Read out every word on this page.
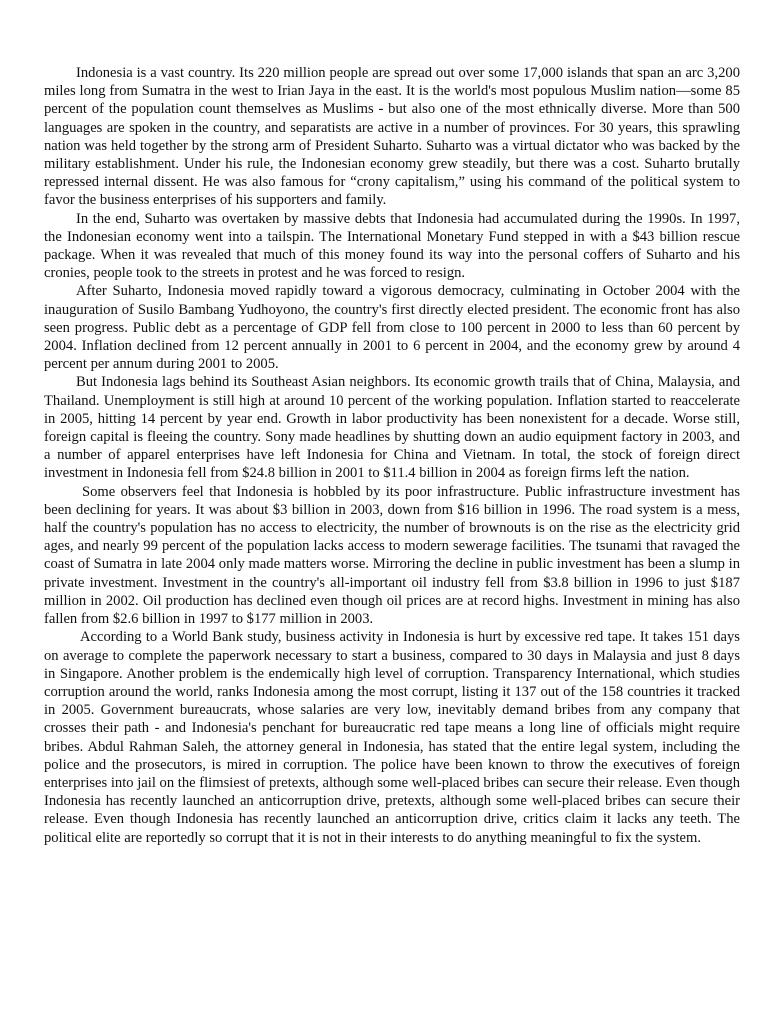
Indonesia is a vast country. Its 220 million people are spread out over some 17,000 islands that span an arc 3,200 miles long from Sumatra in the west to Irian Jaya in the east. It is the world's most populous Muslim nation—some 85 percent of the population count themselves as Muslims - but also one of the most ethnically diverse. More than 500 languages are spoken in the country, and separatists are active in a number of provinces. For 30 years, this sprawling nation was held together by the strong arm of President Suharto. Suharto was a virtual dictator who was backed by the military establishment. Under his rule, the Indonesian economy grew steadily, but there was a cost. Suharto brutally repressed internal dissent. He was also famous for “crony capitalism,” using his command of the political system to favor the business enterprises of his supporters and family.

In the end, Suharto was overtaken by massive debts that Indonesia had accumulated during the 1990s. In 1997, the Indonesian economy went into a tailspin. The International Monetary Fund stepped in with a $43 billion rescue package. When it was revealed that much of this money found its way into the personal coffers of Suharto and his cronies, people took to the streets in protest and he was forced to resign.

After Suharto, Indonesia moved rapidly toward a vigorous democracy, culminating in October 2004 with the inauguration of Susilo Bambang Yudhoyono, the country's first directly elected president. The economic front has also seen progress. Public debt as a percentage of GDP fell from close to 100 percent in 2000 to less than 60 percent by 2004. Inflation declined from 12 percent annually in 2001 to 6 percent in 2004, and the economy grew by around 4 percent per annum during 2001 to 2005.

But Indonesia lags behind its Southeast Asian neighbors. Its economic growth trails that of China, Malaysia, and Thailand. Unemployment is still high at around 10 percent of the working population. Inflation started to reaccelerate in 2005, hitting 14 percent by year end. Growth in labor productivity has been nonexistent for a decade. Worse still, foreign capital is fleeing the country. Sony made headlines by shutting down an audio equipment factory in 2003, and a number of apparel enterprises have left Indonesia for China and Vietnam. In total, the stock of foreign direct investment in Indonesia fell from $24.8 billion in 2001 to $11.4 billion in 2004 as foreign firms left the nation.

Some observers feel that Indonesia is hobbled by its poor infrastructure. Public infrastructure investment has been declining for years. It was about $3 billion in 2003, down from $16 billion in 1996. The road system is a mess, half the country's population has no access to electricity, the number of brownouts is on the rise as the electricity grid ages, and nearly 99 percent of the population lacks access to modern sewerage facilities. The tsunami that ravaged the coast of Sumatra in late 2004 only made matters worse. Mirroring the decline in public investment has been a slump in private investment. Investment in the country's all-important oil industry fell from $3.8 billion in 1996 to just $187 million in 2002. Oil production has declined even though oil prices are at record highs. Investment in mining has also fallen from $2.6 billion in 1997 to $177 million in 2003.

According to a World Bank study, business activity in Indonesia is hurt by excessive red tape. It takes 151 days on average to complete the paperwork necessary to start a business, compared to 30 days in Malaysia and just 8 days in Singapore. Another problem is the endemically high level of corruption. Transparency International, which studies corruption around the world, ranks Indonesia among the most corrupt, listing it 137 out of the 158 countries it tracked in 2005. Government bureaucrats, whose salaries are very low, inevitably demand bribes from any company that crosses their path - and Indonesia's penchant for bureaucratic red tape means a long line of officials might require bribes. Abdul Rahman Saleh, the attorney general in Indonesia, has stated that the entire legal system, including the police and the prosecutors, is mired in corruption. The police have been known to throw the executives of foreign enterprises into jail on the flimsiest of pretexts, although some well-placed bribes can secure their release. Even though Indonesia has recently launched an anticorruption drive, pretexts, although some well-placed bribes can secure their release. Even though Indonesia has recently launched an anticorruption drive, critics claim it lacks any teeth. The political elite are reportedly so corrupt that it is not in their interests to do anything meaningful to fix the system.
